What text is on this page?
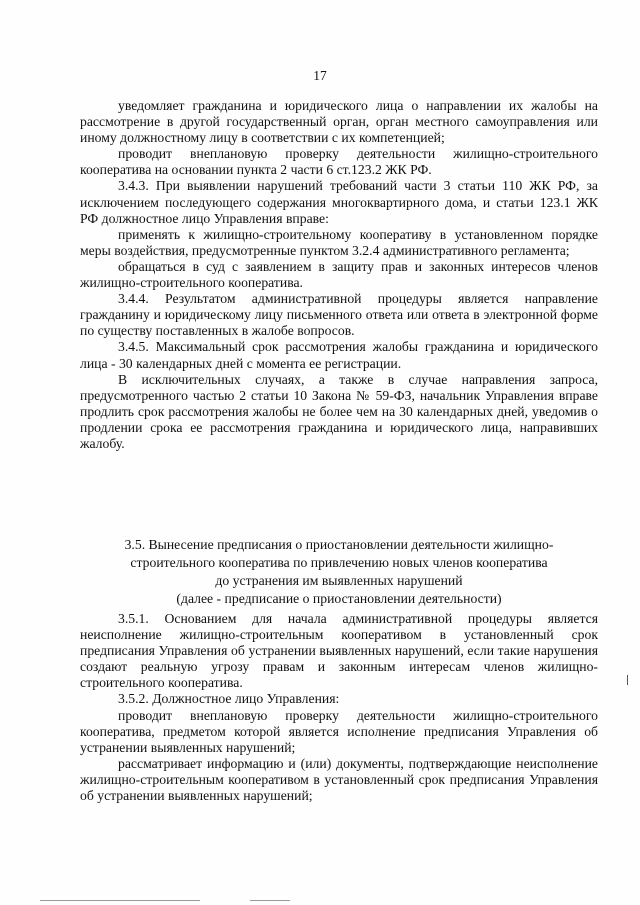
17

уведомляет гражданина и юридического лица о направлении их жалобы на рассмотрение в другой государственный орган, орган местного самоуправления или иному должностному лицу в соответствии с их компетенцией;

проводит внеплановую проверку деятельности жилищно-строительного кооператива на основании пункта 2 части 6 ст.123.2 ЖК РФ.

3.4.3. При выявлении нарушений требований части 3 статьи 110 ЖК РФ, за исключением последующего содержания многоквартирного дома, и статьи 123.1 ЖК РФ должностное лицо Управления вправе:

применять к жилищно-строительному кооперативу в установленном порядке меры воздействия, предусмотренные пунктом 3.2.4 административного регламента;

обращаться в суд с заявлением в защиту прав и законных интересов членов жилищно-строительного кооператива.

3.4.4. Результатом административной процедуры является направление гражданину и юридическому лицу письменного ответа или ответа в электронной форме по существу поставленных в жалобе вопросов.

3.4.5. Максимальный срок рассмотрения жалобы гражданина и юридического лица - 30 календарных дней с момента ее регистрации.

В исключительных случаях, а также в случае направления запроса, предусмотренного частью 2 статьи 10 Закона № 59-ФЗ, начальник Управления вправе продлить срок рассмотрения жалобы не более чем на 30 календарных дней, уведомив о продлении срока ее рассмотрения гражданина и юридического лица, направивших жалобу.

3.5. Вынесение предписания о приостановлении деятельности жилищно-

строительного кооператива по привлечению новых членов кооператива

до устранения им выявленных нарушений

(далее - предписание о приостановлении деятельности)

3.5.1. Основанием для начала административной процедуры является неисполнение жилищно-строительным кооперативом в установленный срок предписания Управления об устранении выявленных нарушений, если такие нарушения создают реальную угрозу правам и законным интересам членов жилищно-строительного кооператива.

3.5.2. Должностное лицо Управления:

проводит внеплановую проверку деятельности жилищно-строительного кооператива, предметом которой является исполнение предписания Управления об устранении выявленных нарушений;

рассматривает информацию и (или) документы, подтверждающие неисполнение жилищно-строительным кооперативом в установленный срок предписания Управления об устранении выявленных нарушений;
